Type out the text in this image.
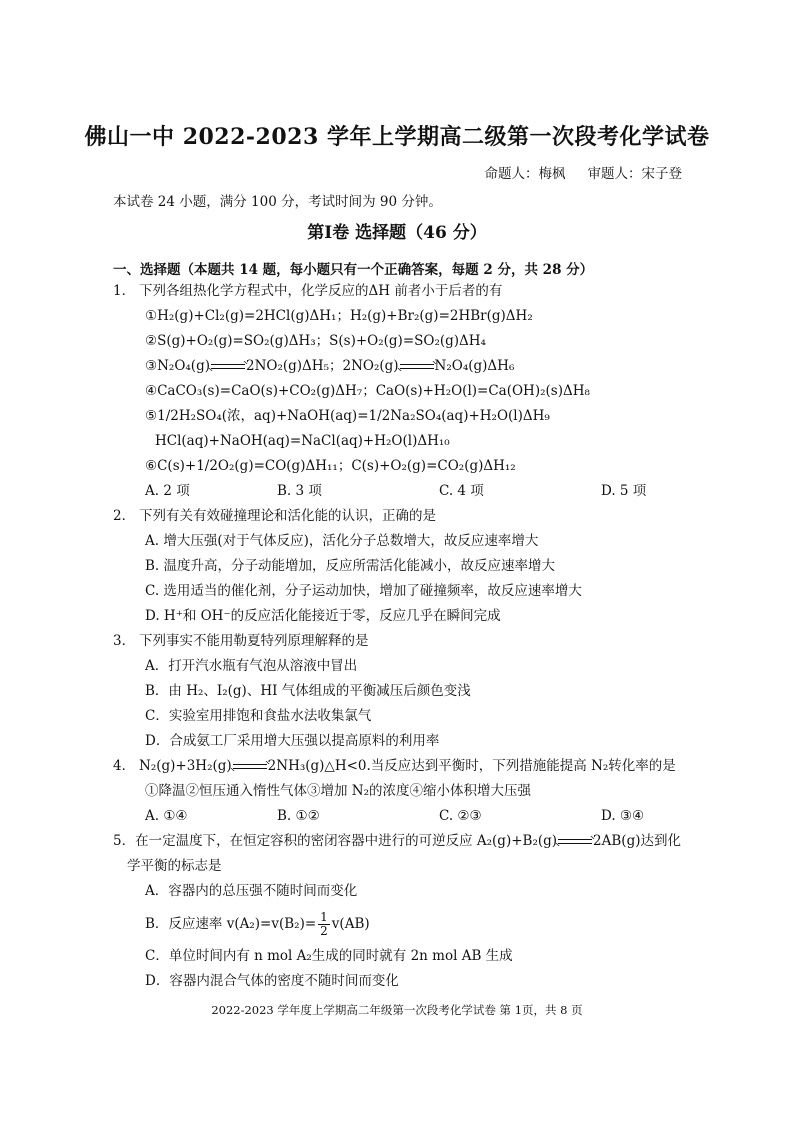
佛山一中 2022-2023 学年上学期高二级第一次段考化学试卷
命题人：梅枫 审题人：宋子登
本试卷 24 小题，满分 100 分，考试时间为 90 分钟。
第Ⅰ卷 选择题（46 分）
一、选择题（本题共 14 题，每小题只有一个正确答案，每题 2 分，共 28 分）
1． 下列各组热化学方程式中，化学反应的ΔH 前者小于后者的有
①H₂(g)+Cl₂(g)=2HCl(g)ΔH₁；H₂(g)+Br₂(g)=2HBr(g)ΔH₂
②S(g)+O₂(g)=SO₂(g)ΔH₃；S(s)+O₂(g)=SO₂(g)ΔH₄
③N₂O₄(g)	2NO₂(g)ΔH₅；2NO₂(g)	N₂O₄(g)ΔH₆
④CaCO₃(s)=CaO(s)+CO₂(g)ΔH₇；CaO(s)+H₂O(l)=Ca(OH)₂(s)ΔH₈
⑤1/2H₂SO₄(浓，aq)+NaOH(aq)=1/2Na₂SO₄(aq)+H₂O(l)ΔH₉
HCl(aq)+NaOH(aq)=NaCl(aq)+H₂O(l)ΔH₁₀
⑥C(s)+1/2O₂(g)=CO(g)ΔH₁₁；C(s)+O₂(g)=CO₂(g)ΔH₁₂
A. 2 项	B. 3 项	C. 4 项	D. 5 项
2． 下列有关有效碰撞理论和活化能的认识，正确的是
A. 增大压强(对于气体反应)，活化分子总数增大，故反应速率增大
B. 温度升高，分子动能增加，反应所需活化能减小，故反应速率增大
C. 选用适当的催化剂，分子运动加快，增加了碰撞频率，故反应速率增大
D. H⁺和 OH⁻的反应活化能接近于零，反应几乎在瞬间完成
3． 下列事实不能用勒夏特列原理解释的是
A．打开汽水瓶有气泡从溶液中冒出
B．由 H₂、I₂(g)、HI 气体组成的平衡减压后颜色变浅
C．实验室用排饱和食盐水法收集氯气
D．合成氨工厂采用增大压强以提高原料的利用率
4． N₂(g)+3H₂(g)	2NH₃(g)△H<0.当反应达到平衡时，下列措施能提高 N₂转化率的是
①降温②恒压通入惰性气体③增加 N₂的浓度④缩小体积增大压强
A. ①④	B. ①②	C. ②③	D. ③④
5．在一定温度下，在恒定容积的密闭容器中进行的可逆反应 A₂(g)+B₂(g)	2AB(g)达到化
学平衡的标志是
A．容器内的总压强不随时间而变化
B．反应速率 $v(A_2)=v(B_2)= \frac{1}{2} v(AB)$
C．单位时间内有 n mol A₂生成的同时就有 2n mol AB 生成
D．容器内混合气体的密度不随时间而变化
2022-2023 学年度上学期高二年级第一次段考化学试卷 第 1页，共 8 页
